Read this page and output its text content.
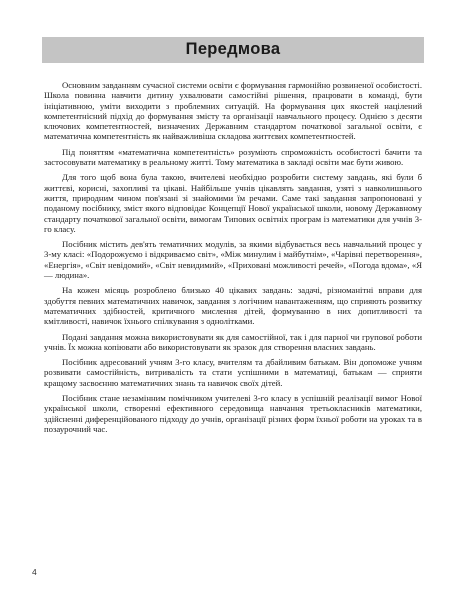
Передмова

Основним завданням сучасної системи освіти є формування гармонійно розвиненої особистості. Школа повинна навчити дитину ухвалювати самостійні рішення, працювати в команді, бути ініціативною, уміти виходити з проблемних ситуацій. На формування цих якостей націлений компетентнісний підхід до формування змісту та організації навчального процесу. Однією з десяти ключових компетентностей, визначених Державним стандартом початкової загальної освіти, є математична компетентність як найважливіша складова життєвих компетентностей.

Під поняттям «математична компетентність» розуміють спроможність особистості бачити та застосовувати математику в реальному житті. Тому математика в закладі освіти має бути живою.

Для того щоб вона була такою, вчителеві необхідно розробити систему завдань, які були б життєві, корисні, захопливі та цікаві. Найбільше учнів цікавлять завдання, узяті з навколишнього життя, природним чином пов'язані зі знайомими їм речами. Саме такі завдання запропоновані у поданому посібнику, зміст якого відповідає Концепції Нової української школи, новому Державному стандарту початкової загальної освіти, вимогам Типових освітніх програм із математики для учнів 3-го класу.

Посібник містить дев'ять тематичних модулів, за якими відбувається весь навчальний процес у 3-му класі: «Подорожуємо і відкриваємо світ», «Між минулим і майбутнім», «Чарівні перетворення», «Енергія», «Світ невідомий», «Світ невидимий», «Приховані можливості речей», «Погода вдома», «Я — людина».

На кожен місяць розроблено близько 40 цікавих завдань: задачі, різноманітні вправи для здобуття певних математичних навичок, завдання з логічним навантаженням, що сприяють розвитку математичних здібностей, критичного мислення дітей, формуванню в них допитливості та кмітливості, навичок їхнього спілкування з однолітками.

Подані завдання можна використовувати як для самостійної, так і для парної чи групової роботи учнів. Їх можна копіювати або використовувати як зразок для створення власних завдань.

Посібник адресований учням 3-го класу, вчителям та дбайливим батькам. Він допоможе учням розвивати самостійність, витривалість та стати успішними в математиці, батькам — сприяти кращому засвоєнню математичних знань та навичок своїх дітей.

Посібник стане незамінним помічником учителеві 3-го класу в успішній реалізації вимог Нової української школи, створенні ефективного середовища навчання третьокласників математики, здійсненні диференційованого підходу до учнів, організації різних форм їхньої роботи на уроках та в позаурочний час.

4
